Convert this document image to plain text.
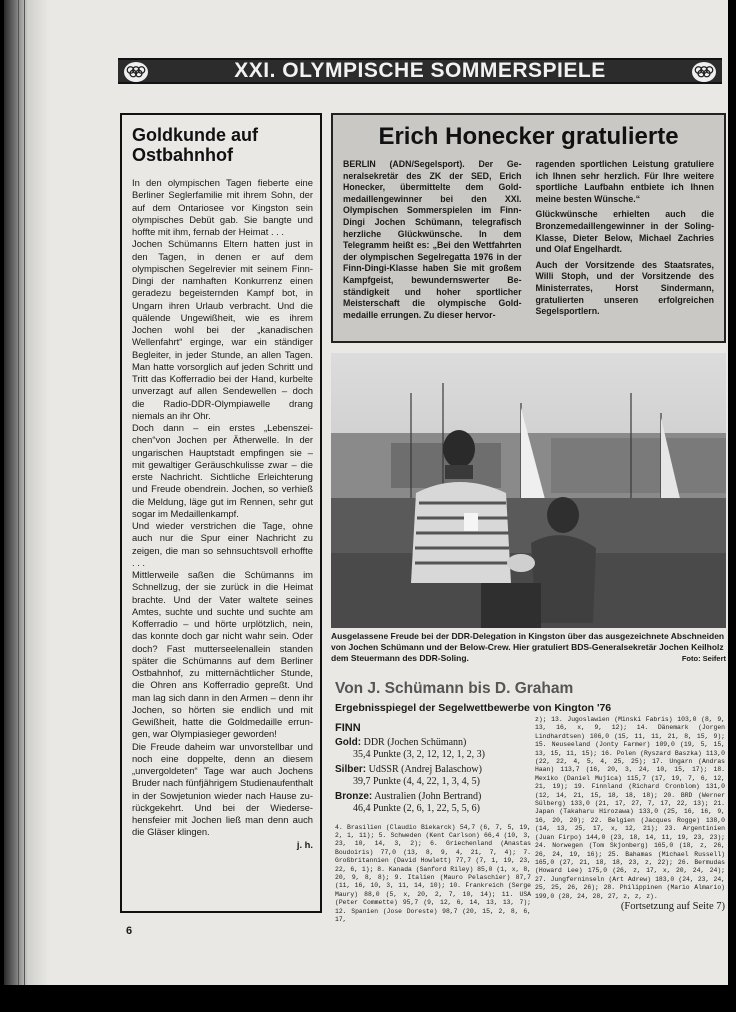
XXI. OLYMPISCHE SOMMERSPIELE
Goldkunde auf Ostbahnhof

In den olympischen Tagen fieberte eine Berliner Seglerfamilie mit ihrem Sohn, der auf dem Ontariosee vor Kingston sein olympisches Debüt gab. Sie bangte und hoffte mit ihm, fernab der Heimat . . .

Jochen Schümanns Eltern hatten just in den Tagen, in denen er auf dem olympischen Segelrevier mit seinem Finn-Dingi der namhaften Konkurrenz einen geradezu begeisternden Kampf bot, in Ungarn ihren Urlaub verbracht. Und die quälende Ungewißheit, wie es ihrem Jochen wohl bei der „kanadischen Wellenfahrt“ erginge, war ein ständiger Begleiter, in jeder Stunde, an allen Tagen. Man hatte vorsorglich auf jeden Schritt und Tritt das Kofferradio bei der Hand, kurbelte unverzagt auf allen Sendewellen – doch die Radio-DDR-Olympiawelle drang niemals an ihr Ohr.

Doch dann – ein erstes „Lebenszeichen“von Jochen per Ätherwelle. In der ungarischen Hauptstadt empfingen sie – mit gewaltiger Geräuschkulisse zwar – die erste Nachricht. Sichtliche Erleichterung und Freude obendrein. Jochen, so verhieß die Meldung, läge gut im Rennen, sehr gut sogar im Medaillenkampf.

Und wieder verstrichen die Tage, ohne auch nur die Spur einer Nachricht zu zeigen, die man so sehnsuchtsvoll erhoffte . . .

Mittlerweile saßen die Schümanns im Schnellzug, der sie zurück in die Heimat brachte. Und der Vater waltete seines Amtes, suchte und suchte und suchte am Kofferradio – und hörte urplötzlich, nein, das konnte doch gar nicht wahr sein. Oder doch? Fast mutterseelenallein standen später die Schümanns auf dem Berliner Ostbahnhof, zu mitternächtlicher Stunde, die Ohren ans Kofferradio gepreßt. Und man lag sich dann in den Armen – denn ihr Jochen, so hörten sie endlich und mit Gewißheit, hatte die Goldmedaille errungen, war Olympiasieger geworden!

Die Freude daheim war unvorstellbar und noch eine doppelte, denn an diesem „unvergoldeten“ Tage war auch Jochens Bruder nach fünfjährigem Studienaufenthalt in der Sowjetunion wieder nach Hause zurückgekehrt. Und bei der Wiedersehensfeier mit Jochen ließ man denn auch die Gläser klingen.

j. h.
Erich Honecker gratulierte

BERLIN (ADN/Segelsport). Der Generalsekretär des ZK der SED, Erich Honecker, übermittelte dem Goldmedaillengewinner bei den XXI. Olympischen Sommerspielen im Finn-Dingi Jochen Schümann, telegrafisch herzliche Glückwünsche. In dem Telegramm heißt es: „Bei den Wettfahrten der olympischen Segelregatta 1976 in der Finn-Dingi-Klasse haben Sie mit großem Kampfgeist, bewundernswerter Beständigkeit und hoher sportlicher Meisterschaft die olympische Goldmedaille errungen. Zu dieser hervor-

ragenden sportlichen Leistung gratuliere ich Ihnen sehr herzlich. Für Ihre weitere sportliche Laufbahn entbiete ich Ihnen meine besten Wünsche.“

Glückwünsche erhielten auch die Bronzemedaillengewinner in der Soling-Klasse, Dieter Below, Michael Zachries und Olaf Engelhardt.

Auch der Vorsitzende des Staatsrates, Willi Stoph, und der Vorsitzende des Ministerrates, Horst Sindermann, gratulierten unseren erfolgreichen Segelsportlern.

Ausgelassene Freude bei der DDR-Delegation in Kingston über das ausgezeichnete Abschneiden von Jochen Schümann und der Below-Crew. Hier gratuliert BDS-Generalsekretär Jochen Keilholz dem Steuermann des DDR-Soling.	Foto: Seifert
Von J. Schümann bis D. Graham
Ergebnisspiegel der Segelwettbewerbe von Kington '76
FINN
Gold: DDR (Jochen Schümann)
35,4 Punkte (3, 2, 12, 12, 1, 2, 3)
Silber: UdSSR (Andrej Balaschow)
39,7 Punkte (4, 4, 22, 1, 3, 4, 5)
Bronze: Australien (John Bertrand)
46,4 Punkte (2, 6, 1, 22, 5, 5, 6)
4. Brasilien (Claudio Biekarck) 54,7 (6, 7, 5, 19, 2, 1, 11); 5. Schweden (Kent Carlson) 66,4 (10, 3, 23, 10, 14, 3, 2); 6. Griechenland (Anastas Boudoiris) 77,0 (13, 8, 9, 4, 21, 7, 4); 7. Großbritannien (David Howlett) 77,7 (7, 1, 19, 23, 22, 6, 1); 8. Kanada (Sanford Riley) 85,0 (1, x, 8, 20, 9, 8, 8); 9. Italien (Mauro Pelaschier) 87,7 (11, 16, 10, 3, 11, 14, 10); 10. Frankreich (Serge Maury) 88,0 (5, x, 20, 2, 7, 10, 14); 11. USA (Peter Commette) 95,7 (9, 12, 6, 14, 13, 13, 7); 12. Spanien (Jose Doreste) 98,7 (20, 15, 2, 8, 6, 17,
z); 13. Jugoslawien (Minski Fabris) 103,0 (8, 9, 13, 16, x, 9, 12); 14. Dänemark (Jorgen Lindhardtsen) 106,0 (15, 11, 11, 21, 8, 15, 9); 15. Neuseeland (Jonty Farmer) 109,0 (19, 5, 15, 13, 15, 11, 15); 16. Polen (Ryszard Baszka) 113,0 (22, 22, 4, 5, 4, 25, 25); 17. Ungarn (Andras Haan) 113,7 (16, 20, 3, 24, 10, 15, 17); 18. Mexiko (Daniel Mujica) 115,7 (17, 19, 7, 6, 12, 21, 19); 19. Finnland (Richard Cronblom) 131,0 (12, 14, 21, 15, 18, 18, 18); 20. BRD (Werner Sülberg) 133,0 (21, 17, 27, 7, 17, 22, 13); 21. Japan (Takaharu Hirozawa) 133,0 (25, 16, 16, 9, 16, 20, 20); 22. Belgien (Jacques Rogge) 138,0 (14, 13, 25, 17, x, 12, 21); 23. Argentinien (Juan Firpo) 144,0 (23, 18, 14, 11, 19, 23, 23); 24. Norwegen (Tom Skjonberg) 165,0 (18, z, 26, 26, 24, 19, 16); 25. Bahamas (Michael Russell) 165,0 (27, 21, 18, 18, 23, z, 22); 26. Bermudas (Howard Lee) 175,0 (26, z, 17, x, 20, 24, 24); 27. Jungferninseln (Art Adrew) 183,0 (24, 23, 24, 25, 25, 26, 26); 28. Philippinen (Mario Almario) 199,0 (28, 24, 28, 27, z, z, z).
(Fortsetzung auf Seite 7)
6
